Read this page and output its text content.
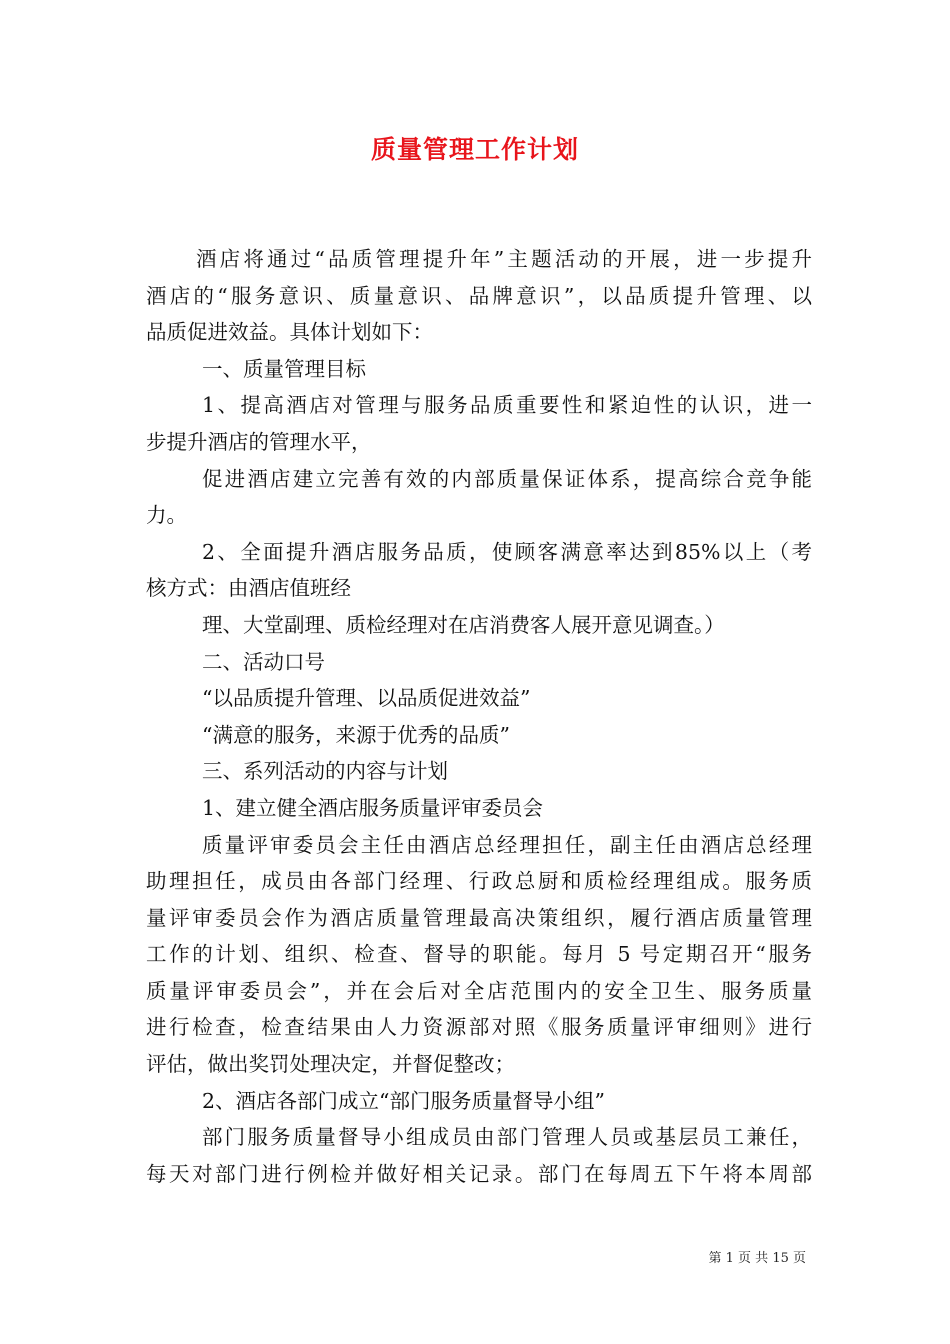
质量管理工作计划

酒店将通过“品质管理提升年”主题活动的开展，进一步提升

酒店的“服务意识、质量意识、品牌意识”，以品质提升管理、以

品质促进效益。具体计划如下：

一、质量管理目标

1、提高酒店对管理与服务品质重要性和紧迫性的认识，进一

步提升酒店的管理水平，

促进酒店建立完善有效的内部质量保证体系，提高综合竞争能

力。

2、全面提升酒店服务品质，使顾客满意率达到85%以上（考

核方式：由酒店值班经

理、大堂副理、质检经理对在店消费客人展开意见调查。）

二、活动口号

“以品质提升管理、以品质促进效益”

“满意的服务，来源于优秀的品质”

三、系列活动的内容与计划

1、建立健全酒店服务质量评审委员会

质量评审委员会主任由酒店总经理担任，副主任由酒店总经理

助理担任，成员由各部门经理、行政总厨和质检经理组成。服务质

量评审委员会作为酒店质量管理最高决策组织，履行酒店质量管理

工作的计划、组织、检查、督导的职能。每月 5 号定期召开“服务

质量评审委员会”，并在会后对全店范围内的安全卫生、服务质量

进行检查，检查结果由人力资源部对照《服务质量评审细则》进行

评估，做出奖罚处理决定，并督促整改；

2、酒店各部门成立“部门服务质量督导小组”

部门服务质量督导小组成员由部门管理人员或基层员工兼任，

每天对部门进行例检并做好相关记录。部门在每周五下午将本周部

第 1 页 共 15 页
